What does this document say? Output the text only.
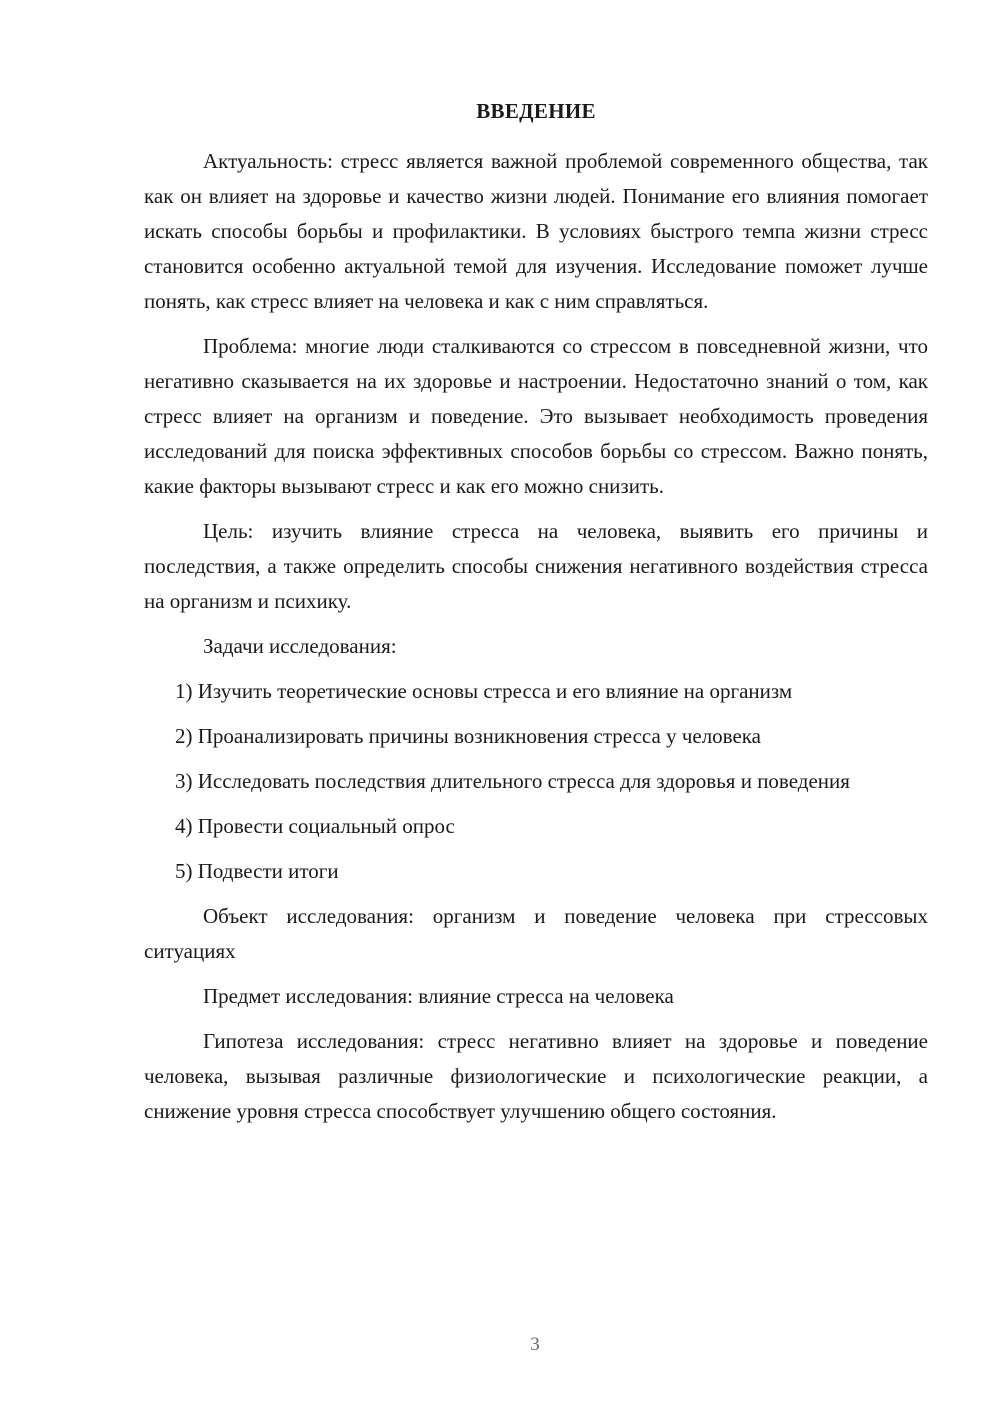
ВВЕДЕНИЕ

Актуальность: стресс является важной проблемой современного общества, так как он влияет на здоровье и качество жизни людей. Понимание его влияния помогает искать способы борьбы и профилактики. В условиях быстрого темпа жизни стресс становится особенно актуальной темой для изучения. Исследование поможет лучше понять, как стресс влияет на человека и как с ним справляться.

Проблема: многие люди сталкиваются со стрессом в повседневной жизни, что негативно сказывается на их здоровье и настроении. Недостаточно знаний о том, как стресс влияет на организм и поведение. Это вызывает необходимость проведения исследований для поиска эффективных способов борьбы со стрессом. Важно понять, какие факторы вызывают стресс и как его можно снизить.

Цель: изучить влияние стресса на человека, выявить его причины и последствия, а также определить способы снижения негативного воздействия стресса на организм и психику.

Задачи исследования:

1) Изучить теоретические основы стресса и его влияние на организм

2) Проанализировать причины возникновения стресса у человека

3) Исследовать последствия длительного стресса для здоровья и поведения

4) Провести социальный опрос

5) Подвести итоги

Объект исследования: организм и поведение человека при стрессовых ситуациях

Предмет исследования: влияние стресса на человека

Гипотеза исследования: стресс негативно влияет на здоровье и поведение человека, вызывая различные физиологические и психологические реакции, а снижение уровня стресса способствует улучшению общего состояния.

3
